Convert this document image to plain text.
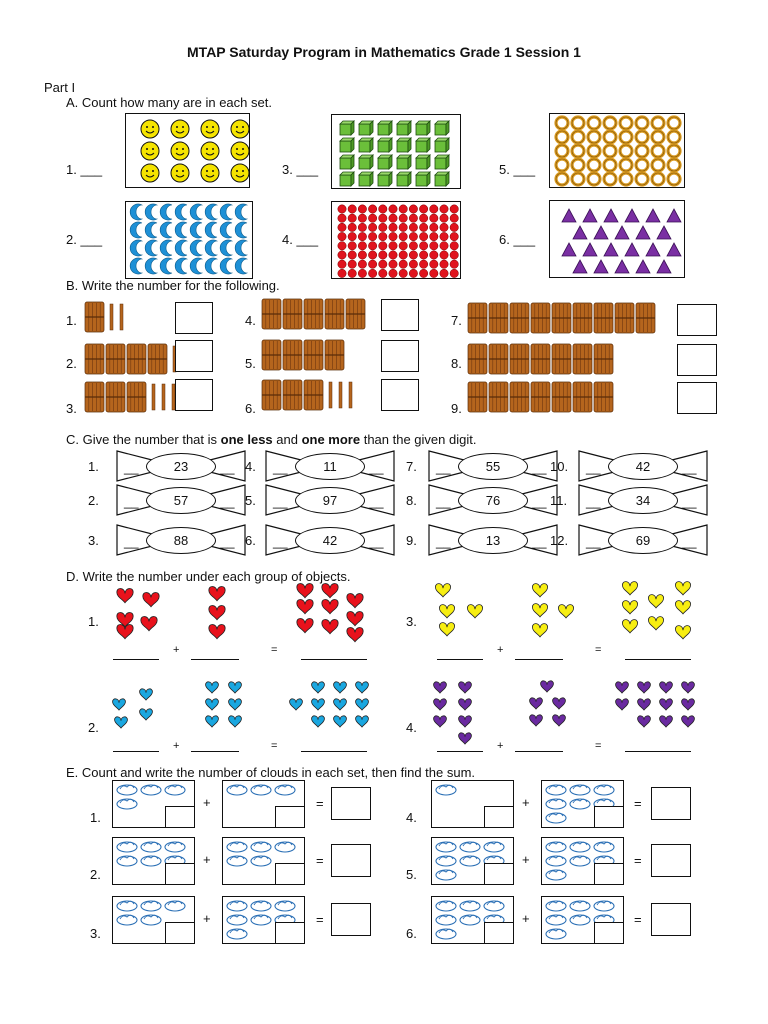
MTAP Saturday Program in Mathematics Grade 1 Session 1
Part I
A. Count how many are in each set.
1. ___
2. ___
3. ___
4. ___
5. ___
6. ___
B. Write the number for the following.
1.
2.
3.
4.
5.
6.
7.
8.
9.
C. Give the number that is one less and one more than the given digit.
D. Write the number under each group of objects.
1.
2.
3.
4.
E. Count and write the number of clouds in each set, then find the sum.
1.	23
__	__
2.	57
__	__
3.	88
__	__
4.	11
__	__
5.	97
__	__
6.	42
__	__
7.	55
__	__
8.	76
__	__
9.	13
__	__
10.	42
__	__
11.	34
__	__
12.	69
__	__
+	=	+	=
+	=	+	=
1.
+	=
2.
+	=
3.
+	=
4.
+	=
5.
+	=
6.
+	=
